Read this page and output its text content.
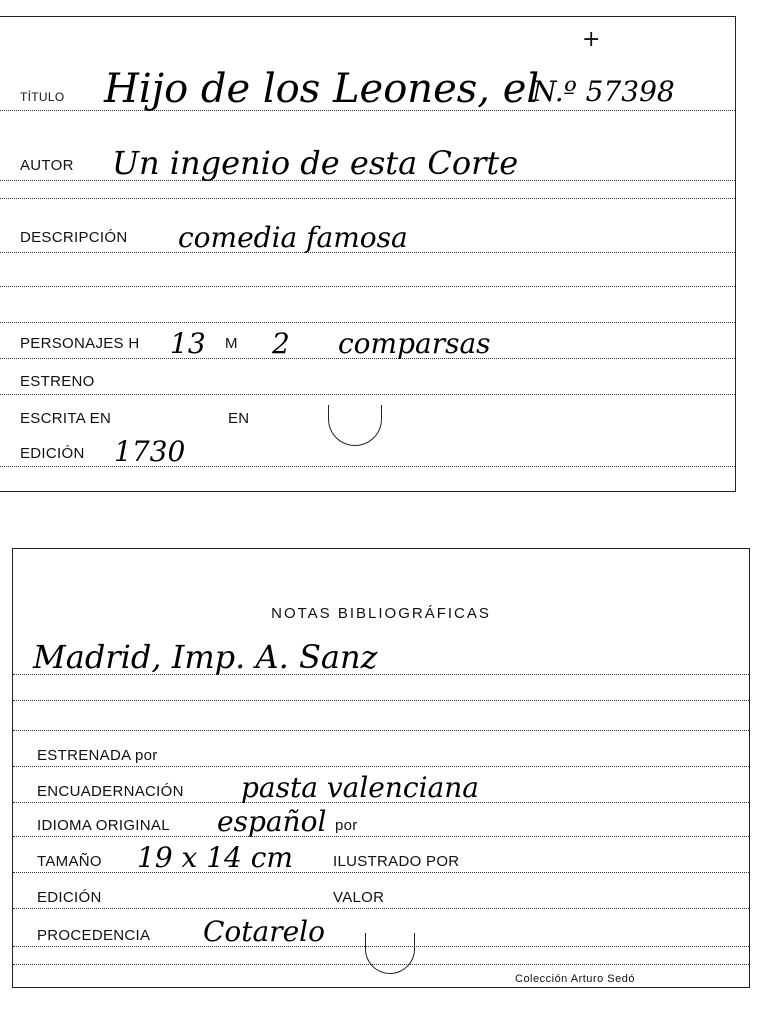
+
TÍTULO Hijo de los Leones, el
N.º 57398
AUTOR Un ingenio de esta Corte
DESCRIPCIÓN comedia famosa
PERSONAJES H 13 M 2 comparsas
ESTRENO
ESCRITA EN	EN
EDICIÓN 1730
NOTAS BIBLIOGRÁFICAS
Madrid, Imp. A. Sanz
ESTRENADA por
ENCUADERNACIÓN pasta valenciana
IDIOMA ORIGINAL español por
TAMAÑO 19 x 14 cm	ILUSTRADO POR
EDICIÓN	VALOR
PROCEDENCIA Cotarelo
Colección Arturo Sedó
